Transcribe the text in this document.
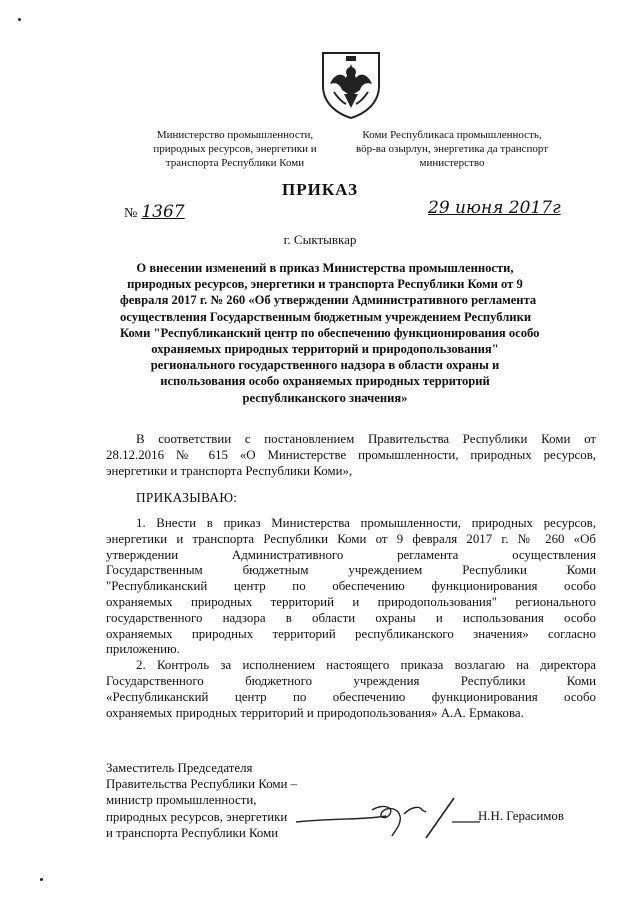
Министерство промышленности,
природных ресурсов, энергетики и
транспорта Республики Коми
Коми Республикаса промышленность,
вӧр-ва озырлун, энергетика да транспорт
министерство
ПРИКАЗ
№ 1367	29 июня 2017г
г. Сыктывкар
О внесении изменений в приказ Министерства промышленности,
природных ресурсов, энергетики и транспорта Республики Коми от 9
февраля 2017 г. № 260 «Об утверждении Административного регламента
осуществления Государственным бюджетным учреждением Республики
Коми "Республиканский центр по обеспечению функционирования особо
охраняемых природных территорий и природопользования"
регионального государственного надзора в области охраны и
использования особо охраняемых природных территорий
республиканского значения»
В соответствии с постановлением Правительства Республики Коми от
28.12.2016 № 615 «О Министерстве промышленности, природных ресурсов,
энергетики и транспорта Республики Коми»,
ПРИКАЗЫВАЮ:
1. Внести в приказ Министерства промышленности, природных ресурсов,
энергетики и транспорта Республики Коми от 9 февраля 2017 г. № 260 «Об
утверждении Административного регламента осуществления
Государственным бюджетным учреждением Республики Коми
"Республиканский центр по обеспечению функционирования особо
охраняемых природных территорий и природопользования" регионального
государственного надзора в области охраны и использования особо
охраняемых природных территорий республиканского значения» согласно
приложению.
2. Контроль за исполнением настоящего приказа возлагаю на директора
Государственного бюджетного учреждения Республики Коми
«Республиканский центр по обеспечению функционирования особо
охраняемых природных территорий и природопользования» А.А. Ермакова.
Заместитель Председателя
Правительства Республики Коми –
министр промышленности,
природных ресурсов, энергетики
и транспорта Республики Коми
Н.Н. Герасимов
